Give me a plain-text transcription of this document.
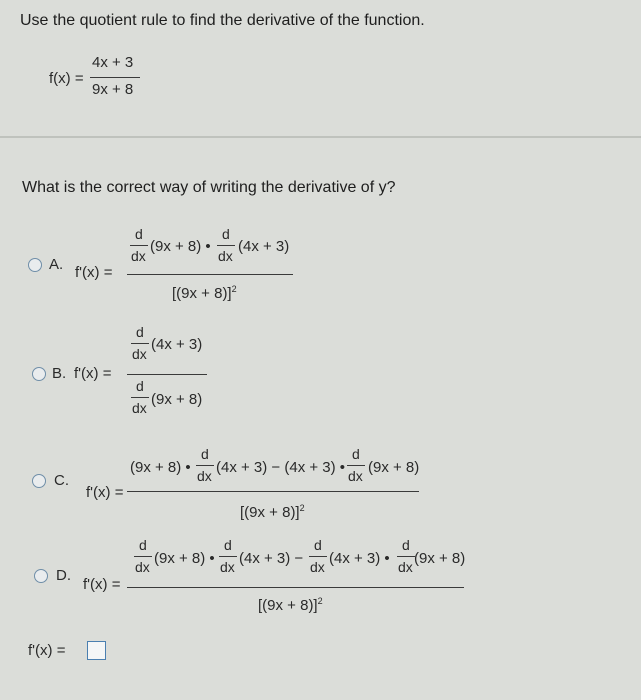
Use the quotient rule to find the derivative of the function.
f(x) =
4x + 3
9x + 8
What is the correct way of writing the derivative of y?
A. f'(x) =
d
dx
(9x + 8) •
d
dx
(4x + 3)
$[(9x + 8)]^2$
B. f'(x) =
d
dx
(4x + 3)
d
dx (9x + 8)
C.
f'(x) =
(9x + 8) •
d
dx (4x + 3) − (4x + 3) •
d
dx (9x + 8)
$[(9x + 8)]^2$
D.
f'(x) =
d
dx (9x + 8) •
d
dx (4x + 3) −
d
dx (4x + 3) •
d
dx (9x + 8)
$[(9x + 8)]^2$
f'(x) =
